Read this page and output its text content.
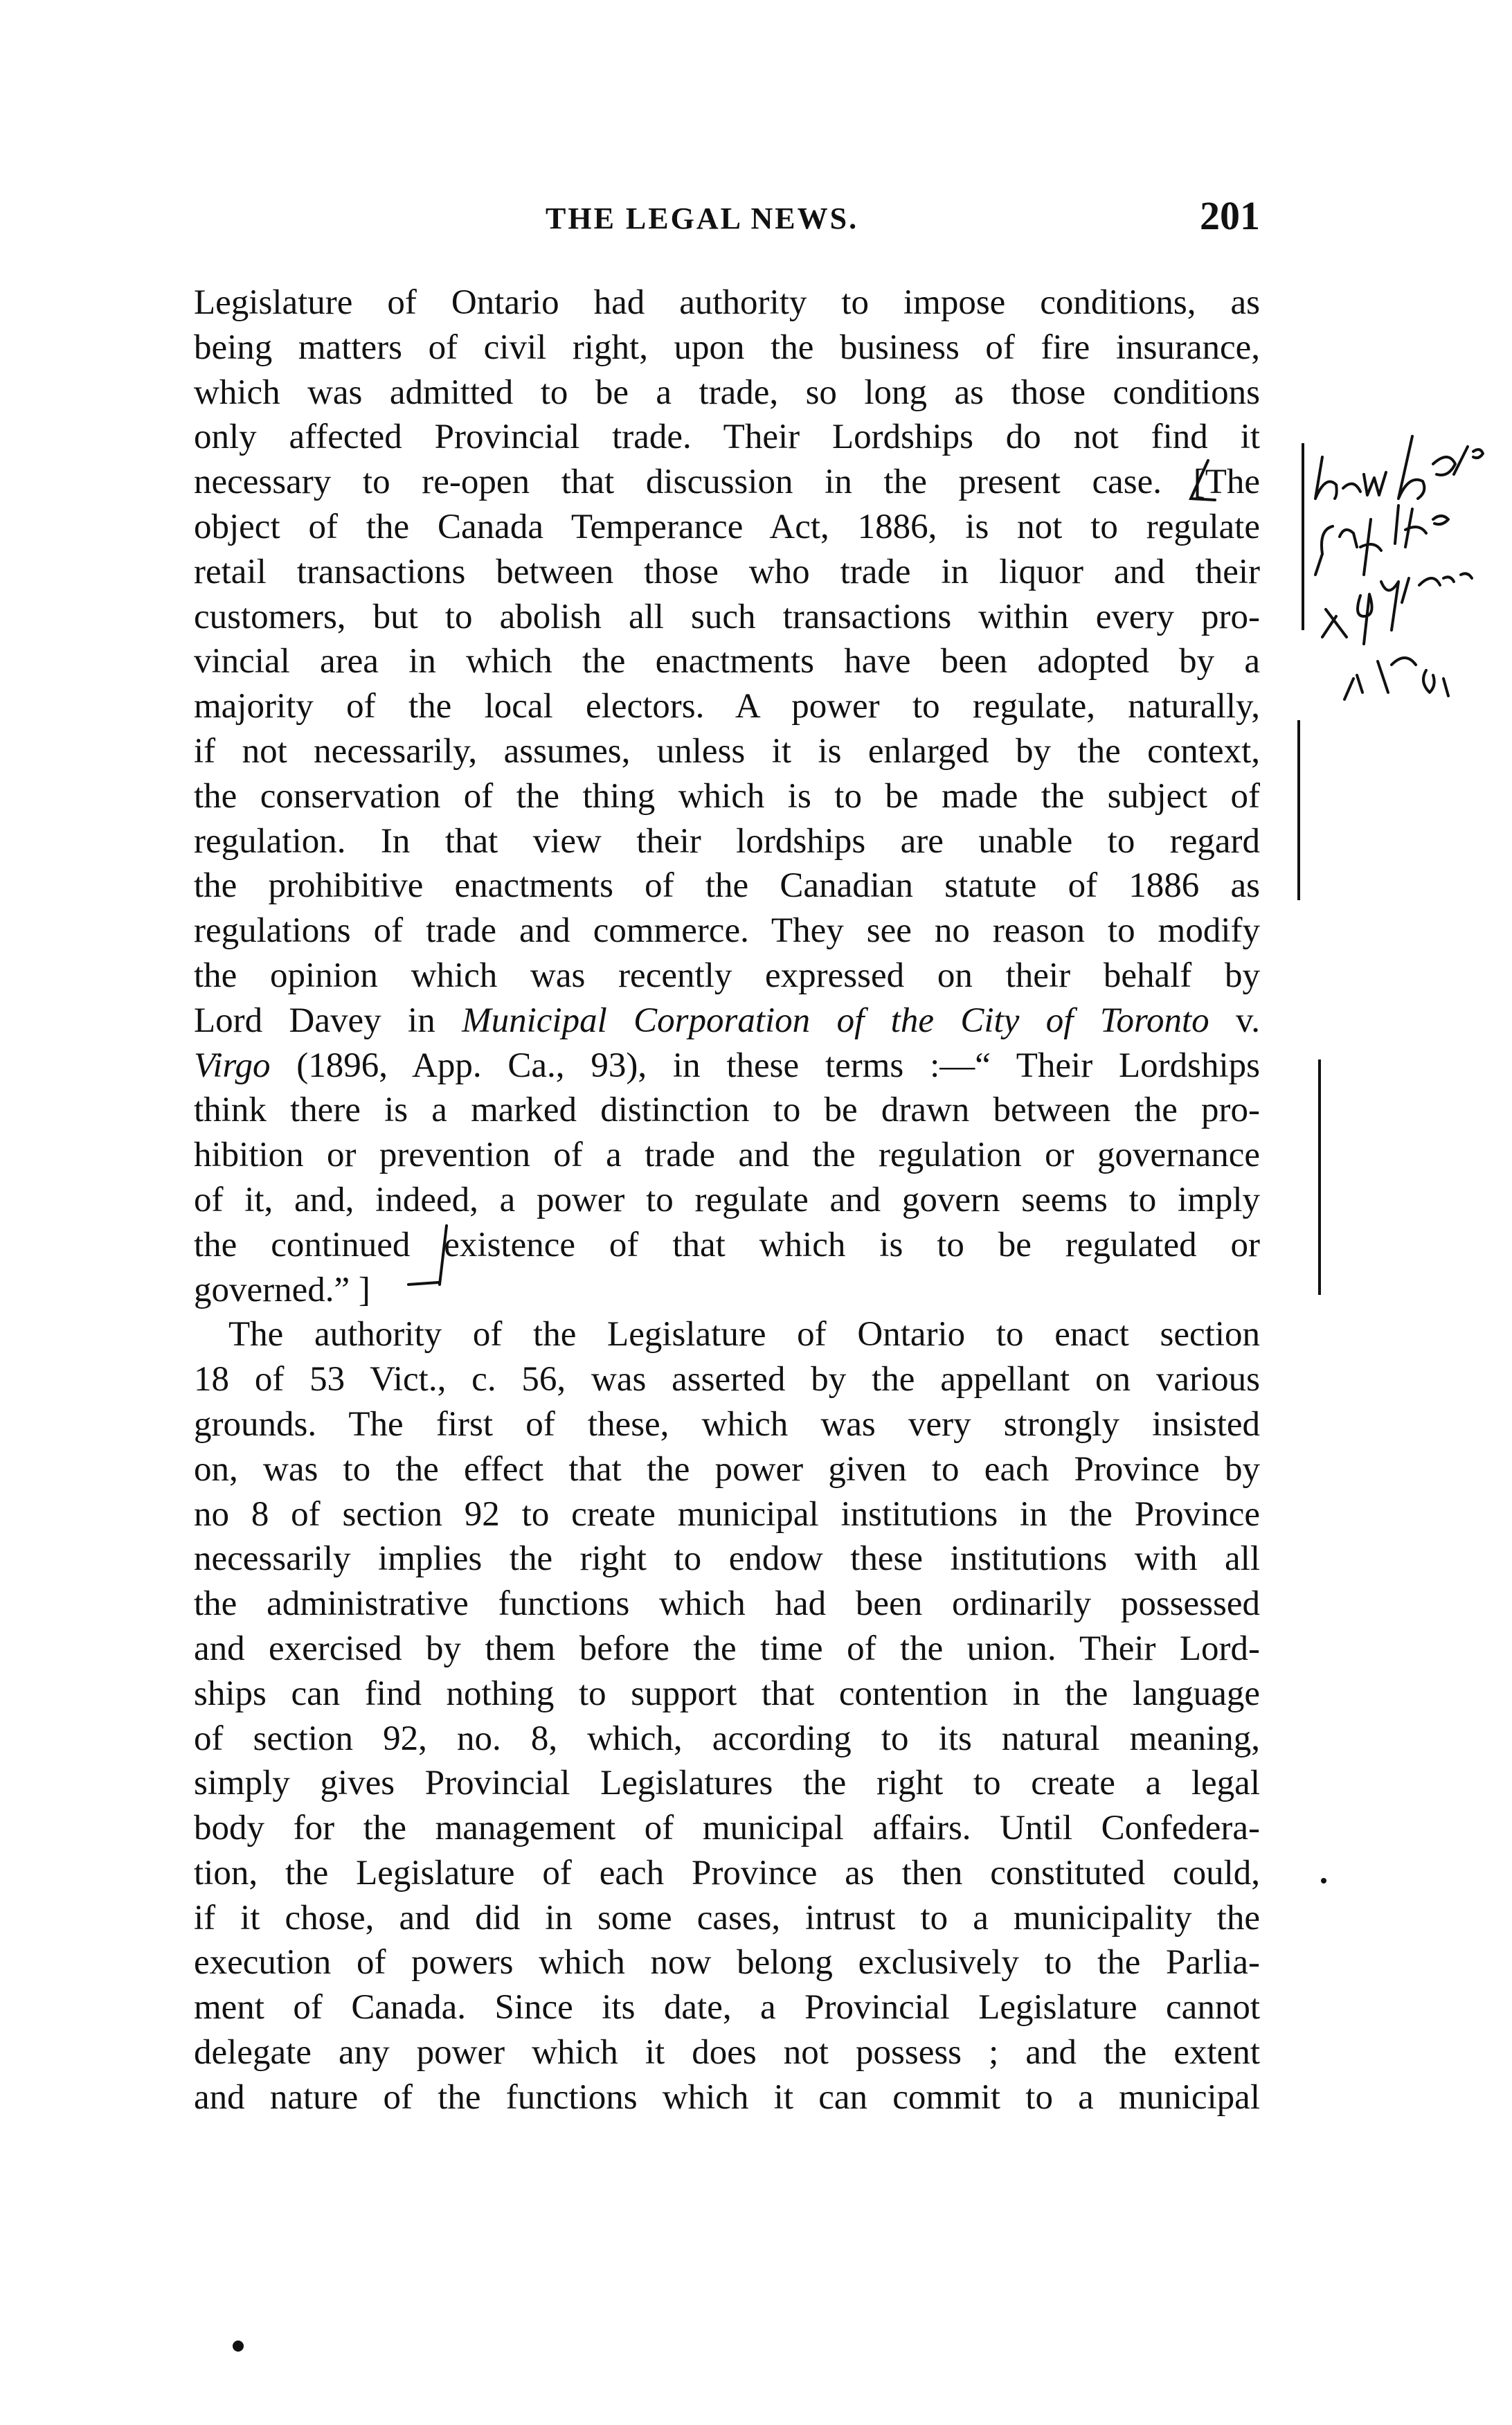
THE LEGAL NEWS.	201
Legislature of Ontario had authority to impose conditions, as
being matters of civil right, upon the business of fire insurance,
which was admitted to be a trade, so long as those conditions
only affected Provincial trade. Their Lordships do not find it
necessary to re-open that discussion in the present case. [The
object of the Canada Temperance Act, 1886, is not to regulate
retail transactions between those who trade in liquor and their
customers, but to abolish all such transactions within every pro-
vincial area in which the enactments have been adopted by a
majority of the local electors. A power to regulate, naturally,
if not necessarily, assumes, unless it is enlarged by the context,
the conservation of the thing which is to be made the subject of
regulation. In that view their lordships are unable to regard
the prohibitive enactments of the Canadian statute of 1886 as
regulations of trade and commerce. They see no reason to modify
the opinion which was recently expressed on their behalf by
Lord Davey in Municipal Corporation of the City of Toronto v.
Virgo (1896, App. Ca., 93), in these terms :—“ Their Lordships
think there is a marked distinction to be drawn between the pro-
hibition or prevention of a trade and the regulation or governance
of it, and, indeed, a power to regulate and govern seems to imply
the continued existence of that which is to be regulated or
governed.” ]
The authority of the Legislature of Ontario to enact section
18 of 53 Vict., c. 56, was asserted by the appellant on various
grounds. The first of these, which was very strongly insisted
on, was to the effect that the power given to each Province by
no 8 of section 92 to create municipal institutions in the Province
necessarily implies the right to endow these institutions with all
the administrative functions which had been ordinarily possessed
and exercised by them before the time of the union. Their Lord-
ships can find nothing to support that contention in the language
of section 92, no. 8, which, according to its natural meaning,
simply gives Provincial Legislatures the right to create a legal
body for the management of municipal affairs. Until Confedera-
tion, the Legislature of each Province as then constituted could,
if it chose, and did in some cases, intrust to a municipality the
execution of powers which now belong exclusively to the Parlia-
ment of Canada. Since its date, a Provincial Legislature cannot
delegate any power which it does not possess ; and the extent
and nature of the functions which it can commit to a municipal
